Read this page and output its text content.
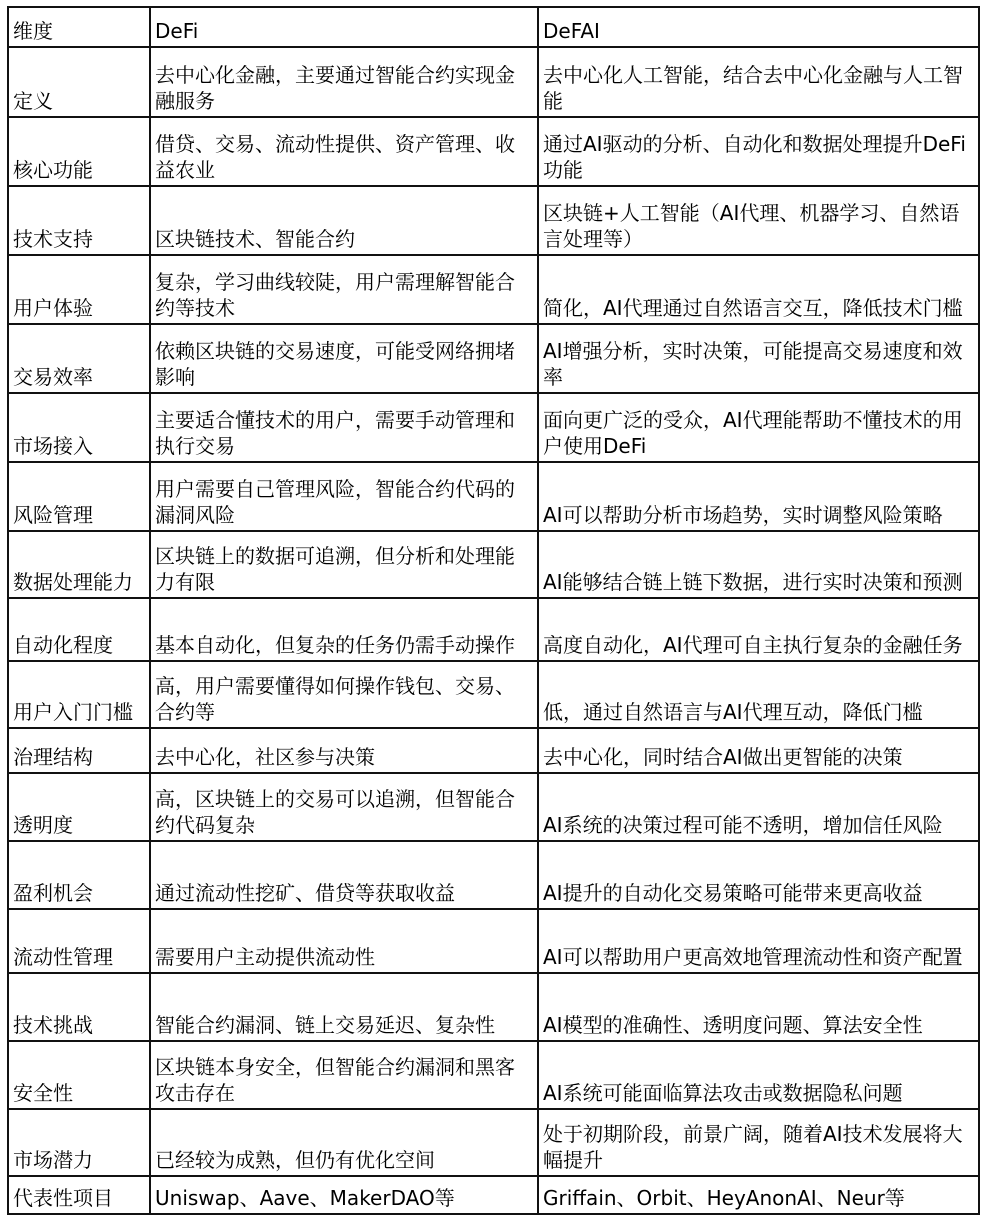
维度	DeFi	DeFAI
定义	去中心化金融，主要通过智能合约实现金融服务	去中心化人工智能，结合去中心化金融与人工智能
核心功能	借贷、交易、流动性提供、资产管理、收益农业	通过AI驱动的分析、自动化和数据处理提升DeFi功能
技术支持	区块链技术、智能合约	区块链+人工智能（AI代理、机器学习、自然语言处理等）
用户体验	复杂，学习曲线较陡，用户需理解智能合约等技术	简化，AI代理通过自然语言交互，降低技术门槛
交易效率	依赖区块链的交易速度，可能受网络拥堵影响	AI增强分析，实时决策，可能提高交易速度和效率
市场接入	主要适合懂技术的用户，需要手动管理和执行交易	面向更广泛的受众，AI代理能帮助不懂技术的用户使用DeFi
风险管理	用户需要自己管理风险，智能合约代码的漏洞风险	AI可以帮助分析市场趋势，实时调整风险策略
数据处理能力	区块链上的数据可追溯，但分析和处理能力有限	AI能够结合链上链下数据，进行实时决策和预测
自动化程度	基本自动化，但复杂的任务仍需手动操作	高度自动化，AI代理可自主执行复杂的金融任务
用户入门门槛	高，用户需要懂得如何操作钱包、交易、合约等	低，通过自然语言与AI代理互动，降低门槛
治理结构	去中心化，社区参与决策	去中心化，同时结合AI做出更智能的决策
透明度	高，区块链上的交易可以追溯，但智能合约代码复杂	AI系统的决策过程可能不透明，增加信任风险
盈利机会	通过流动性挖矿、借贷等获取收益	AI提升的自动化交易策略可能带来更高收益
流动性管理	需要用户主动提供流动性	AI可以帮助用户更高效地管理流动性和资产配置
技术挑战	智能合约漏洞、链上交易延迟、复杂性	AI模型的准确性、透明度问题、算法安全性
安全性	区块链本身安全，但智能合约漏洞和黑客攻击存在	AI系统可能面临算法攻击或数据隐私问题
市场潜力	已经较为成熟，但仍有优化空间	处于初期阶段，前景广阔，随着AI技术发展将大幅提升
代表性项目	Uniswap、Aave、MakerDAO等	Griffain、Orbit、HeyAnonAI、Neur等
